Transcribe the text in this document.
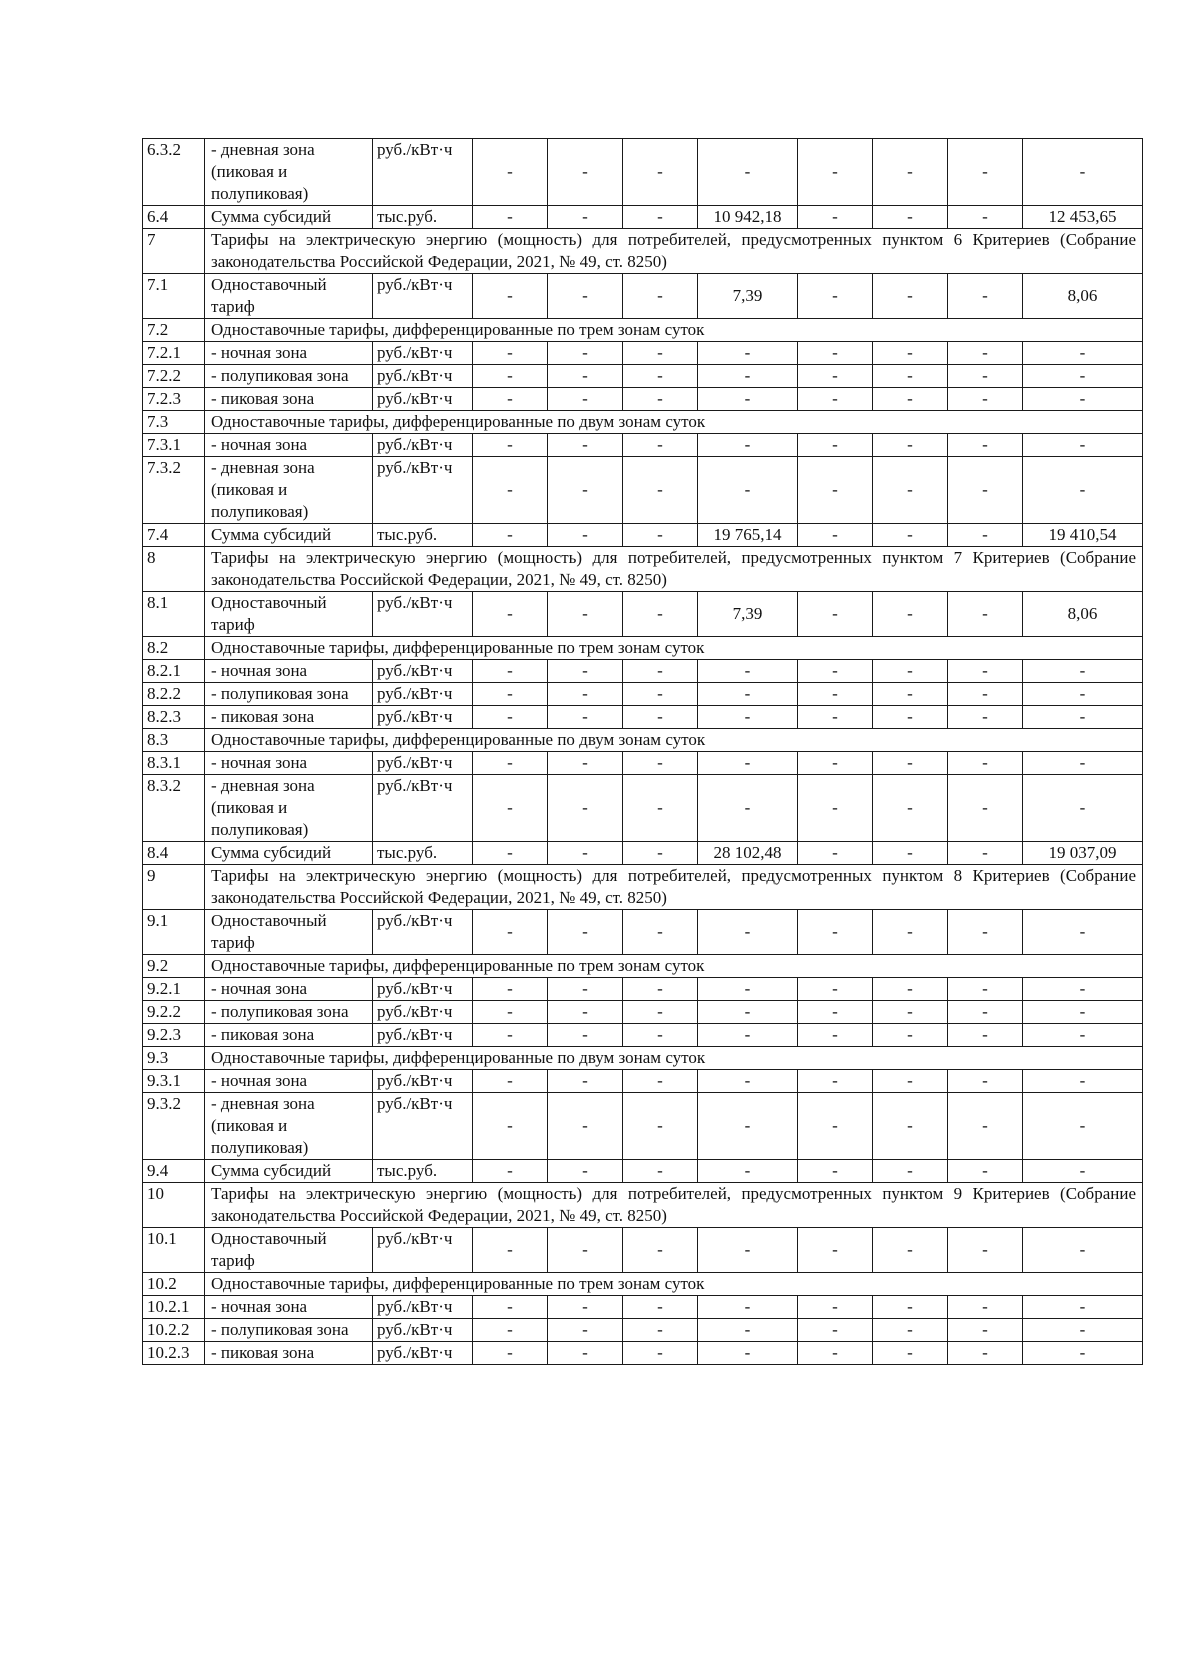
6.3.2	- дневная зона (пиковая и полупиковая)	руб./кВт·ч	-	-	-	-	-	-	-	-
6.4	Сумма субсидий	тыс.руб.	-	-	-	10 942,18	-	-	-	12 453,65
7	Тарифы на электрическую энергию (мощность) для потребителей, предусмотренных пунктом 6 Критериев (Собрание законодательства Российской Федерации, 2021, № 49, ст. 8250)									
7.1	Одноставочный тариф	руб./кВт·ч	-	-	-	7,39	-	-	-	8,06
7.2	Одноставочные тарифы, дифференцированные по трем зонам суток									
7.2.1	- ночная зона	руб./кВт·ч	-	-	-	-	-	-	-	-
7.2.2	- полупиковая зона	руб./кВт·ч	-	-	-	-	-	-	-	-
7.2.3	- пиковая зона	руб./кВт·ч	-	-	-	-	-	-	-	-
7.3	Одноставочные тарифы, дифференцированные по двум зонам суток									
7.3.1	- ночная зона	руб./кВт·ч	-	-	-	-	-	-	-	-
7.3.2	- дневная зона (пиковая и полупиковая)	руб./кВт·ч	-	-	-	-	-	-	-	-
7.4	Сумма субсидий	тыс.руб.	-	-	-	19 765,14	-	-	-	19 410,54
8	Тарифы на электрическую энергию (мощность) для потребителей, предусмотренных пунктом 7 Критериев (Собрание законодательства Российской Федерации, 2021, № 49, ст. 8250)									
8.1	Одноставочный тариф	руб./кВт·ч	-	-	-	7,39	-	-	-	8,06
8.2	Одноставочные тарифы, дифференцированные по трем зонам суток									
8.2.1	- ночная зона	руб./кВт·ч	-	-	-	-	-	-	-	-
8.2.2	- полупиковая зона	руб./кВт·ч	-	-	-	-	-	-	-	-
8.2.3	- пиковая зона	руб./кВт·ч	-	-	-	-	-	-	-	-
8.3	Одноставочные тарифы, дифференцированные по двум зонам суток									
8.3.1	- ночная зона	руб./кВт·ч	-	-	-	-	-	-	-	-
8.3.2	- дневная зона (пиковая и полупиковая)	руб./кВт·ч	-	-	-	-	-	-	-	-
8.4	Сумма субсидий	тыс.руб.	-	-	-	28 102,48	-	-	-	19 037,09
9	Тарифы на электрическую энергию (мощность) для потребителей, предусмотренных пунктом 8 Критериев (Собрание законодательства Российской Федерации, 2021, № 49, ст. 8250)									
9.1	Одноставочный тариф	руб./кВт·ч	-	-	-	-	-	-	-	-
9.2	Одноставочные тарифы, дифференцированные по трем зонам суток									
9.2.1	- ночная зона	руб./кВт·ч	-	-	-	-	-	-	-	-
9.2.2	- полупиковая зона	руб./кВт·ч	-	-	-	-	-	-	-	-
9.2.3	- пиковая зона	руб./кВт·ч	-	-	-	-	-	-	-	-
9.3	Одноставочные тарифы, дифференцированные по двум зонам суток									
9.3.1	- ночная зона	руб./кВт·ч	-	-	-	-	-	-	-	-
9.3.2	- дневная зона (пиковая и полупиковая)	руб./кВт·ч	-	-	-	-	-	-	-	-
9.4	Сумма субсидий	тыс.руб.	-	-	-	-	-	-	-	-
10	Тарифы на электрическую энергию (мощность) для потребителей, предусмотренных пунктом 9 Критериев (Собрание законодательства Российской Федерации, 2021, № 49, ст. 8250)									
10.1	Одноставочный тариф	руб./кВт·ч	-	-	-	-	-	-	-	-
10.2	Одноставочные тарифы, дифференцированные по трем зонам суток									
10.2.1	- ночная зона	руб./кВт·ч	-	-	-	-	-	-	-	-
10.2.2	- полупиковая зона	руб./кВт·ч	-	-	-	-	-	-	-	-
10.2.3	- пиковая зона	руб./кВт·ч	-	-	-	-	-	-	-	-
